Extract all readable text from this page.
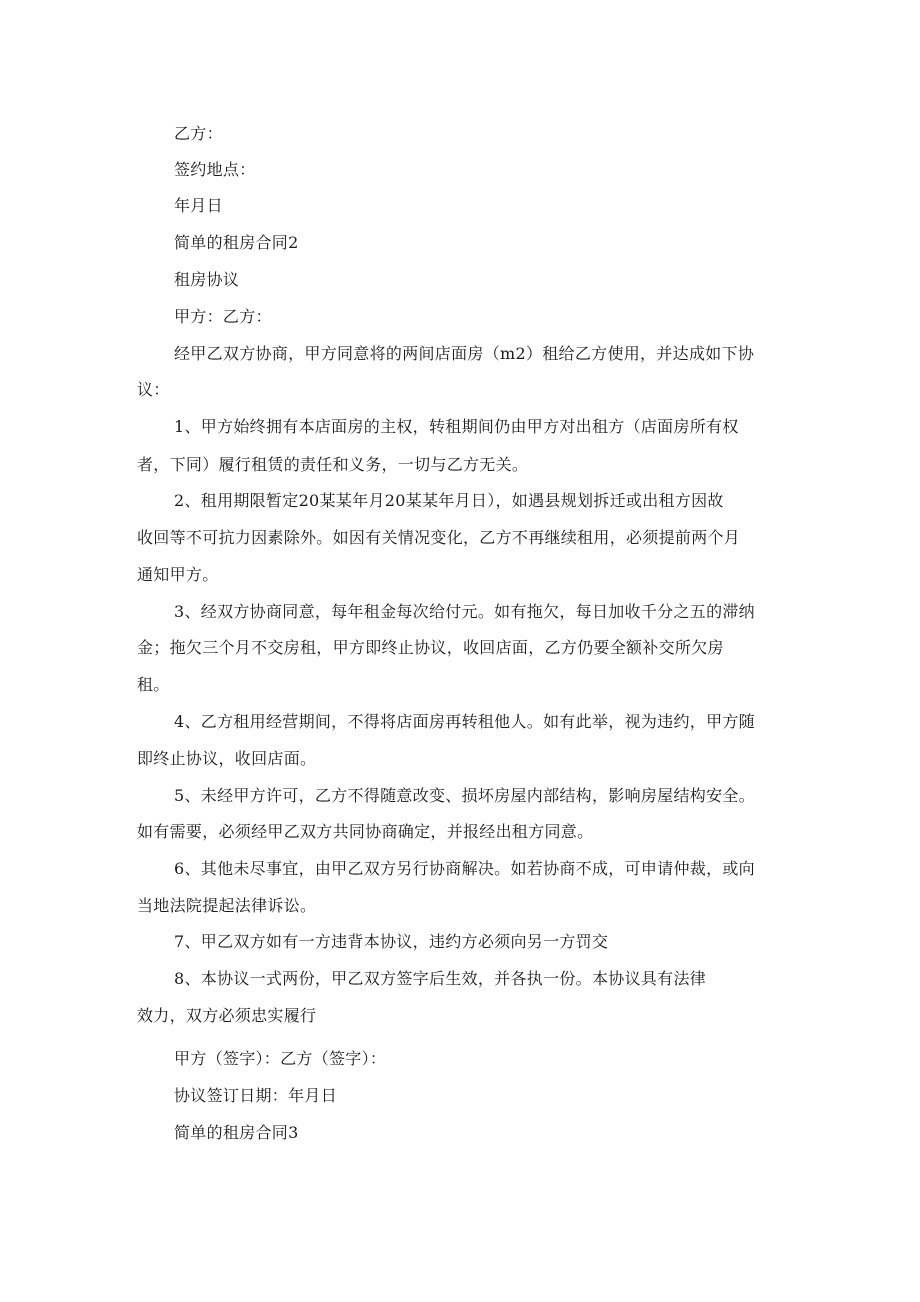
乙方：
签约地点：
年月日
简单的租房合同2
租房协议
甲方：乙方：
经甲乙双方协商，甲方同意将的两间店面房（m2）租给乙方使用，并达成如下协
议：
1、甲方始终拥有本店面房的主权，转租期间仍由甲方对出租方（店面房所有权
者，下同）履行租赁的责任和义务，一切与乙方无关。
2、租用期限暂定20某某年月20某某年月日），如遇县规划拆迁或出租方因故
收回等不可抗力因素除外。如因有关情况变化，乙方不再继续租用，必须提前两个月
通知甲方。
3、经双方协商同意，每年租金每次给付元。如有拖欠，每日加收千分之五的滞纳
金；拖欠三个月不交房租，甲方即终止协议，收回店面，乙方仍要全额补交所欠房
租。
4、乙方租用经营期间，不得将店面房再转租他人。如有此举，视为违约，甲方随
即终止协议，收回店面。
5、未经甲方许可，乙方不得随意改变、损坏房屋内部结构，影响房屋结构安全。
如有需要，必须经甲乙双方共同协商确定，并报经出租方同意。
6、其他未尽事宜，由甲乙双方另行协商解决。如若协商不成，可申请仲裁，或向
当地法院提起法律诉讼。
7、甲乙双方如有一方违背本协议，违约方必须向另一方罚交
8、本协议一式两份，甲乙双方签字后生效，并各执一份。本协议具有法律
效力，双方必须忠实履行
甲方（签字）：乙方（签字）：
协议签订日期：年月日
简单的租房合同3
